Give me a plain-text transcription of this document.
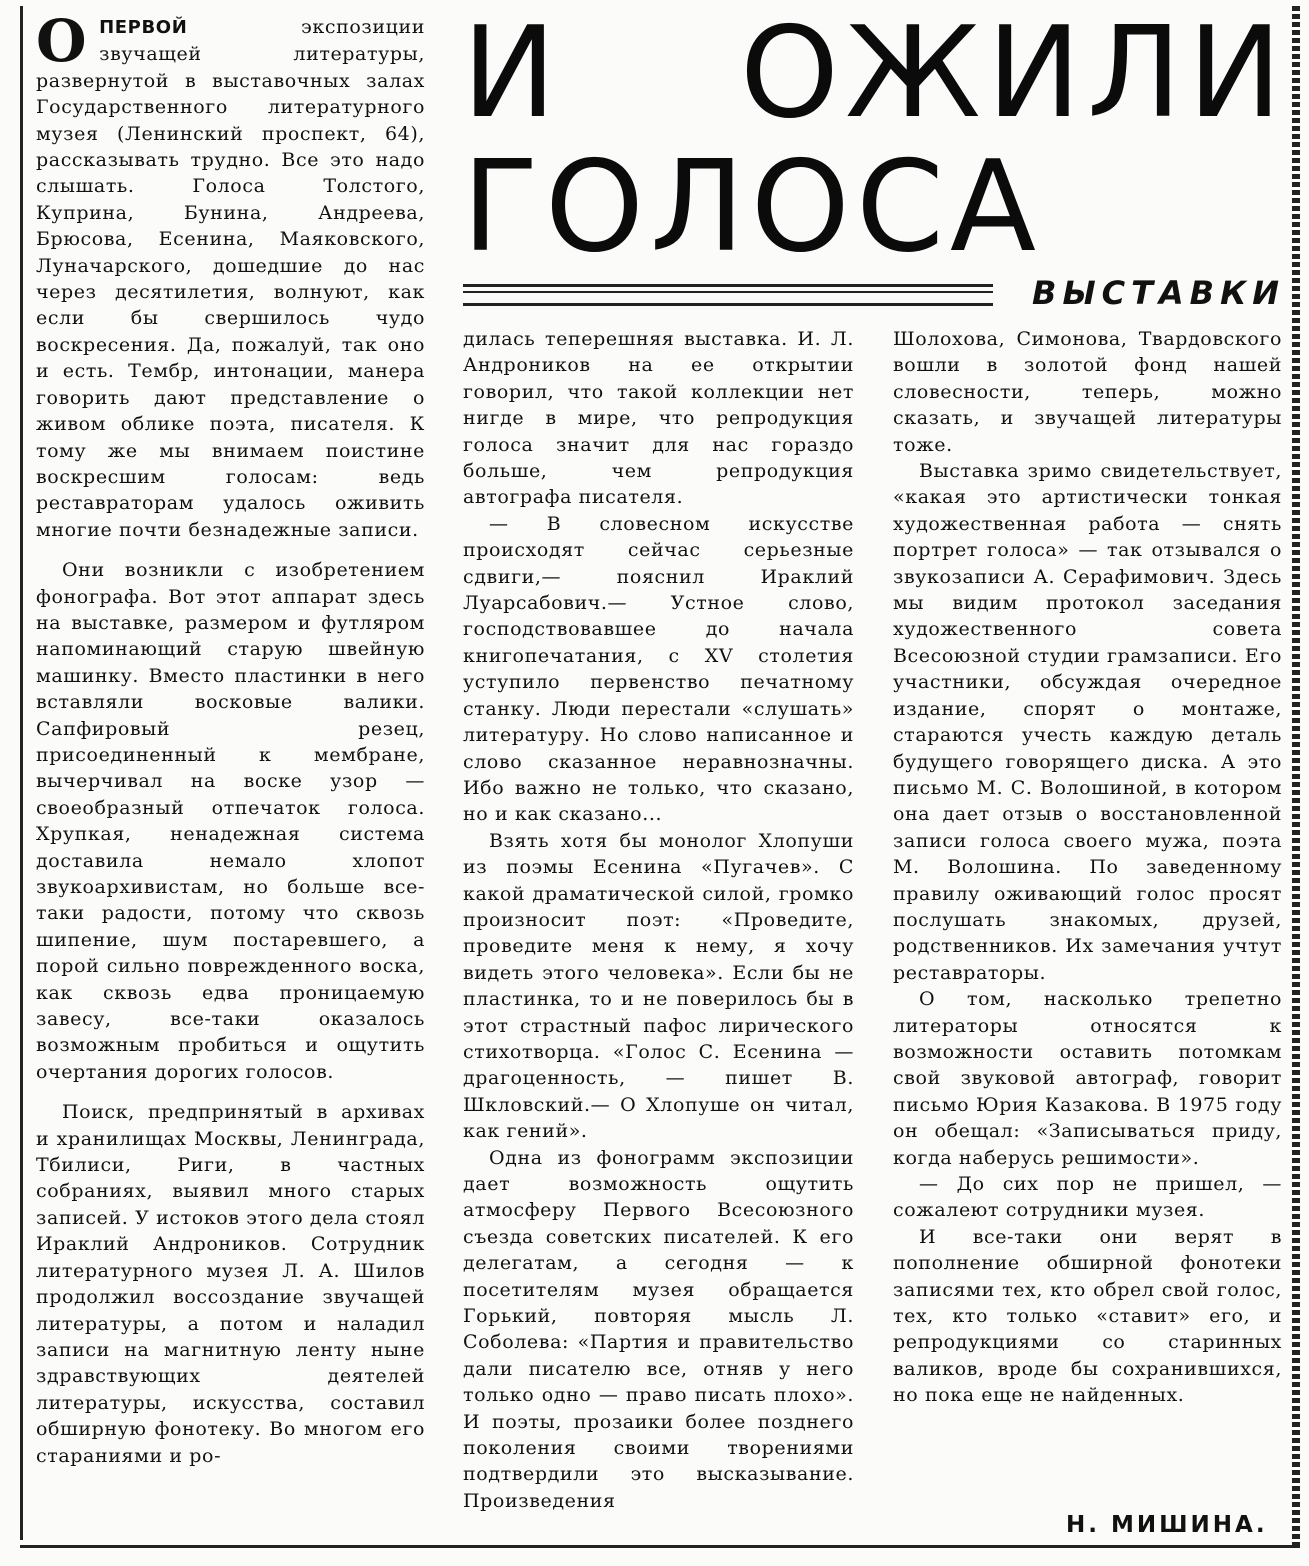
ОПЕРВОЙ	экспозиции звучащей литературы, развернутой в выставочных залах Государственного литературного музея (Ленинский проспект, 64), рассказывать трудно. Все это надо слышать. Голоса Толстого, Куприна, Бунина, Андреева, Брюсова, Есенина, Маяковского, Луначарского, дошедшие до нас через десятилетия, волнуют, как если бы свершилось чудо воскресения. Да, пожалуй, так оно и есть. Тембр, интонации, манера говорить дают представление о живом облике поэта, писателя. К тому же мы внимаем поистине воскресшим голосам: ведь реставраторам удалось оживить многие почти безнадежные записи.

Они возникли с изобретением фонографа. Вот этот аппарат здесь на выставке, размером и футляром напоминающий старую швейную машинку. Вместо пластинки в него вставляли восковые валики. Сапфировый резец, присоединенный к мембране, вычерчивал на воске узор — своеобразный отпечаток голоса. Хрупкая, ненадежная система доставила немало хлопот звукоархивистам, но больше все-таки радости, потому что сквозь шипение, шум постаревшего, а порой сильно поврежденного воска, как сквозь едва проницаемую завесу, все-таки оказалось возможным пробиться и ощутить очертания дорогих голосов.

Поиск, предпринятый в архивах и хранилищах Москвы, Ленинграда, Тбилиси, Риги, в частных собраниях, выявил много старых записей. У истоков этого дела стоял Ираклий Андроников. Сотрудник литературного музея Л. А. Шилов продолжил воссоздание звучащей литературы, а потом и наладил записи на магнитную ленту ныне здравствующих деятелей литературы, искусства, составил обширную фонотеку. Во многом его стараниями и ро-

И ОЖИЛИ
ГОЛОСА
ВЫСТАВКИ

дилась теперешняя выставка. И. Л. Андроников на ее открытии говорил, что такой коллекции нет нигде в мире, что репродукция голоса значит для нас гораздо больше, чем репродукция автографа писателя.

— В словесном искусстве происходят сейчас серьезные сдвиги,— пояснил Ираклий Луарсабович.— Устное слово, господствовавшее до начала книгопечатания, с XV столетия уступило первенство печатному станку. Люди перестали «слушать» литературу. Но слово написанное и слово сказанное неравнозначны. Ибо важно не только, что сказано, но и как сказано...

Взять хотя бы монолог Хлопуши из поэмы Есенина «Пугачев». С какой драматической силой, громко произносит поэт: «Проведите, проведите меня к нему, я хочу видеть этого человека». Если бы не пластинка, то и не поверилось бы в этот страстный пафос лирического стихотворца. «Голос С. Есенина — драгоценность, — пишет В. Шкловский.— О Хлопуше он читал, как гений».

Одна из фонограмм экспозиции дает возможность ощутить атмосферу Первого Всесоюзного съезда советских писателей. К его делегатам, а сегодня — к посетителям музея обращается Горький, повторяя мысль Л. Соболева: «Партия и правительство дали писателю все, отняв у него только одно — право писать плохо». И поэты, прозаики более позднего поколения своими творениями подтвердили это высказывание. Произведения

Шолохова, Симонова, Твардовского вошли в золотой фонд нашей словесности, теперь, можно сказать, и звучащей литературы тоже.

Выставка зримо свидетельствует, «какая это артистически тонкая художественная работа — снять портрет голоса» — так отзывался о звукозаписи А. Серафимович. Здесь мы видим протокол заседания художественного совета Всесоюзной студии грамзаписи. Его участники, обсуждая очередное издание, спорят о монтаже, стараются учесть каждую деталь будущего говорящего диска. А это письмо М. С. Волошиной, в котором она дает отзыв о восстановленной записи голоса своего мужа, поэта М. Волошина. По заведенному правилу оживающий голос просят послушать знакомых, друзей, родственников. Их замечания учтут реставраторы.

О том, насколько трепетно литераторы относятся к возможности оставить потомкам свой звуковой автограф, говорит письмо Юрия Казакова. В 1975 году он обещал: «Записываться приду, когда наберусь решимости».

— До сих пор не пришел, — сожалеют сотрудники музея.

И все-таки они верят в пополнение обширной фонотеки записями тех, кто обрел свой голос, тех, кто только «ставит» его, и репродукциями со старинных валиков, вроде бы сохранившихся, но пока еще не найденных.

Н. МИШИНА.
